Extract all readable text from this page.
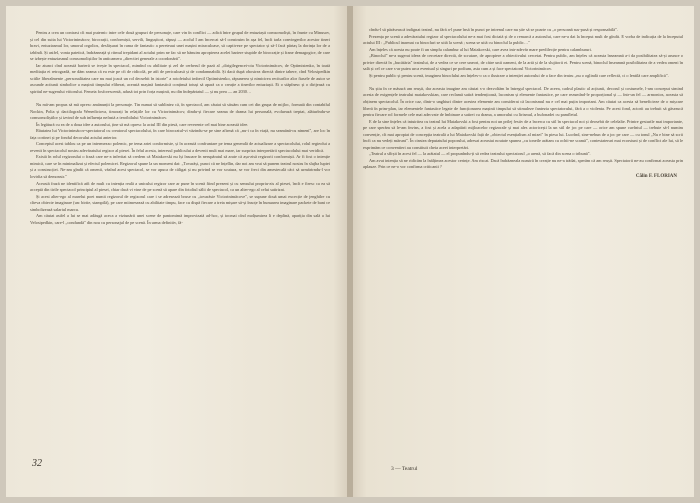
Pentru a crea un contrast cît mai puternic intre cele două grupuri de personaje, care vin în conflict — adică între grupul de entuziaști comsomoliști, în frunte cu Minusov, și cel din suita lui Victorinimăcov, birocrații, conformiști, servili, lingușitori, răpuși — acolul I am încercat să-l construim în așa fel, încît tarla convingerilor acestor tineri bravi, entuziasmul lor, umorul orgolios, desfășurat în rama de fantastic a pereteuui unei mașini miraculoase, să captiveze pe spectator și să-l facă părtaș la dorința lor de a izbîndi. Și astfel, vonta patetică, îndrăzneață și ritmul trepidant al actului prim ne fac să ne bănuim apropierea acelei bariere stupide de birocrație și frane demagogice, de care se izbește entuziasmul comsomoliștilor în anticamera „directiei generale a coordonării".

Iar atunci cînd această barieră se ivește în spectacol, mimînd cu abilitate și zel de cerberul de pază al „dirigilegencei-oiu Victorinimăcov, de Optimistenko, în toată meditația ei retrogradă, ne dăm seama că ea este pe cît de ridicolă, pe atît de periculoasă și de condamnabilă. Și dacă după obosirea directă dintre tabere, cînd Velosipedkin scitlie liberalmente „personalitatea care nu mai joacă un rol deosebit în istorie" a rotofeiului imbecil Optimistenko, răpunerea și nimicirea reciturilor alor fiasele de autor se ascunde actiunii simbolice a mașinii timpului eliberat, această mașină fantastică conținuă totuși să apară ca o creație a tinerilor entuziaști. Ei o stăpînesc și o dirijează cu spiritul ne-sugerului viitorului. Femeia fosforescentă, adusă tot prin forța mașinii, nu din îndepărtatul — și nu prea — an 2030…

Nu mă-am propus să mă opresc amănunțit la personaje. Tin numai să subliniez că, în spectacol, am căutat să situăm cum cei din grupa de mijloc, formată din contabilul Nockin, Polia și dactilografa Wenedictova, timorați în relațiile lor cu Victorinimăcov, dindu-și fiecare seama de drama lui personală, evoluează treptat, alăturîndu-se comsomoliștilor și izvind de sub influența nefastă a teroibilului Victorinimăcov.

În legătură cu ea de a doua idee a autorului, ține să mă opresc la actul III din piesă, care reverente cel mai bine această idee.

Răutatea lui Victorinimăcov-spectatorul cu creatorul spectacolului, în care birocratul-vi văzindu-se pe sine afirmă că „nu-i ca în viață, nu seamănă-cu nimeni", are loc în fața cortinei și pe fondul decorului actului anterior.

Conceptul acest tablou ca pe un intermezzo polemic, pe tema artei conformiste, și în această confruntare pe tema generală de actualizare a spectacolului, rolul regieolui a revenit în spectacolul nostru adevăratului regizor al piesei. În felul acesta, interesul publicului a devenit mult mai mare, iar surpriza interpretării spectacolului mai veridică.

Există în rolul regizorului o frază care ne-a inferitat să credem că Maiakovski nu își însoare în nerupăratul să arate că așa-zisă regizorii conformiști. Ar fi fost o intenție mimică, care se în minimalizat și efectul polemicei. Regizorul spune la un moment dat: „Tovarăși, punct că ne înțellin, dar noi am vrut să punem teatrul nostru în slujba luptei și a construcției. Ne-am gîndit că omenii, văzînd acest spectacol, se vor apuca de căligat și nu privind se vor scutura, se vor freci din amestecală căci să urmărirndu-l vor lovirîta să demonstr."

Această frază ne identifică atît de mult cu intenția reală a unicului regizor care ar pune în scenă fiind prezent și cu sensului propriu-zis al piesei, încît e firesc ca ea să acceptă din tirile spectacol principiul al piesei, chiar dacă vi vine de pe scenă să apare din fotoliul sălii de spectacol, ca un alter-ego al celui satirizat.

Și acest alter-ego al marelui poet numit regizorul de regizorul care i se adresează bruse cu „tovarăsie Victorinimăcove", se supune două umai excecție de jenghilre cu cîteva obiecte imaginare (un: birtie, stampilă), pe care miimesează cu abilitate timpu, face cu dispă fiecare a treia mișare să-și însoțe în bunuarea imaginare packete de bani ce simbolizează salariul marcu.

Am căutat astfel a lui se mai adăugă aceca a viziunării unei scene de pantomimă improvizată ad-hoc, și tocmai cînd molțumirea li e deplină, apariția din sală a lui Velosipedkin, care-l „condundă" din nou cu personajul de pe scenă. În urma definitiv, fă-

32

cîndu-l să părăsească indignat teatrul, nu fără a-l pune însă în punct pe intrenul care nu știe să se poarte cu „o persoană sus-pusă și responsabilă".

Prezența pe scenă a adevăratului regizor al spectacolului ne-a mai fost dictată și de o remarcă a autorului, care ne-a dat la început mult de gîndit. E vorba de indicația de la începutul actului III : „Publicul inarmat cu binocluri se uită la scenă ; scena se uită cu binoclul la public…"

Am înțeles că acesta nu poate fi un simplu calambur al lui Maiakovski, care avea intr-adevăr mare predilecție pentru calambururi.

„Binoclul" ne-a sugerat ideea de cercetare directă, de scrutare, de apropiere a obiectivului cercetat. Pentru public, am înțeles că aceasta înseamnă a-i da posibilitatea să-și arunce o privire directă în „bucătăria" teatrului, de a vedea ce se cere uneori, de către unii oameni, de la artă și de la slujitorii ei. Pentru scenă, binoclul înseamnă posibilitatea de a vedea omeni în sală și cel ce care s-ar putea urca eventual și singuri pe podium, asta cum a și face spectatorul Victorinimăcov.

Și pentru public și pentru scenă, imaginea binoclului am înțeles-o ca o ilustrare a intenției autorului de a face din teatru „nu o oglindă care reflectă, ci o lentilă care amplifică".

Nu știu în ce măsură am reușit, dar aceasta imagine am căutat s-o dezvoltăm în întregul spectacol. De aceea, cadrul plastic al acțiunii, decorul și costumele, l-am conceput simind acesta de exigențele teatrului maiakovskian, care reclamă satiră tendențioasă, laconism și elemente fantastice, pe care rezumînd-le proporțional și — într-un fel — armonios, aceasta să obținem spectacolul. În orice caz, dintr-o unghiuri dintre acestea elemente am considerat că laconismul nu e cel mai puțin important. Am căutat ca acesta să beneficieze de o mișcare liberă în prim-plan, iar elementele fantastice legate de funcționarea mașinii timpului să stimuleze fantezia spectatorului, fără a o violenta. Pe acest fond, actorii au trebuit să găsească pentru fiecare rol formele cele mai adecvate de îmbinare a satirei cu drama, a umorului cu lirismul, a bufonadei cu pamfletul.

E de la sine înțeles că intuiritea cu teatrul lui Maiakovski a fost pentru noi un prilej festiv de a încerca cu stil în spectacol noi și deosebit de celelalte. Printre gesturile mai importante, pe care sperăm să le-am învins, a fost și acela a adaptării mijloacelor regizorale și mai ales actoricești la un stil de joc pe care — orice am spune cuvîntul — trebuie să-l numim convenție, cît mai apropiat de concepția teatrală a lui Maiakovski față de „obiectul esențialism al mizei" în piesa lui. Lucrînd, sine-nebun de a joc pe care — cu tonul „Nu e bine să scrii încît ca nu vedeți mărunt". În cinstea deputatului poporului, adresat aceastui noutate spunea „cu toneile arătam cu ochii-ne scamă", contestateruri mai ecorsiuni și de conflict ale lui, să le exprimăm ce conventieri au constituit cheia aceei interpretări.

„Teatrul a sfîrșit în acest fel — la arătatul — el propunîndu-ți să redea teatrului spectatorul „o arenă, să facă din scena o tribună".

Am avut intenția să ne ridicăm la înălțimea acestor cerințe. Am riscat. Dacă îndrăzneala noastră în creație nu ne-a trădat, sperăm că am reușit. Spectatorii ne-au confirmat aceasta prin aplauze. Prin ce ne-o vor confirma criticanii ?

Călin F. FLORIAN

3 — Teatrul
